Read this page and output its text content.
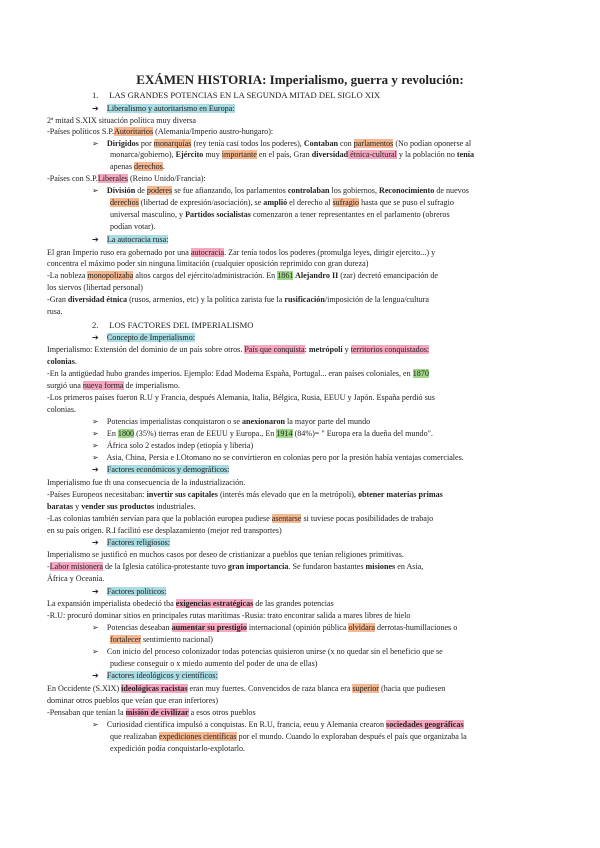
EXÁMEN HISTORIA: Imperialismo, guerra y revolución:
1. LAS GRANDES POTENCIAS EN LA SEGUNDA MITAD DEL SIGLO XIX
➔ Liberalismo y autoritarismo en Europa:
2ª mitad S.XIX situación política muy diversa
-Países políticos S.P.Autoritarios (Alemania/Imperio austro-hungaro):
➢ Dirigidos por monarquías (rey tenía casi todos los poderes), Contaban con parlamentos (No podían oponerse al
monarca/gobierno), Ejército muy importante en el país, Gran diversidad étnica-cultural y la población no tenía
apenas derechos.
-Países con S.P.Liberales (Reino Unido/Francia):
➢ División de poderes se fue afianzando, los parlamentos controlaban los gobiernos, Reconocimiento de nuevos
derechos (libertad de expresión/asociación), se amplió el derecho al sufragio hasta que se puso el sufragio
universal masculino, y Partidos socialistas comenzaron a tener representantes en el parlamento (obreros
podían votar).
➔ La autocracia rusa:
El gran Imperio ruso era gobernado por una autocracia. Zar tenía todos los poderes (promulga leyes, dirigir ejercito...) y
concentra el máximo poder sin ninguna limitación (cualquier oposición reprimido con gran dureza)
-La nobleza monopolizaba altos cargos del ejército/administración. En 1861 Alejandro II (zar) decretó emancipación de
los siervos (libertad personal)
-Gran diversidad étnica (rusos, armenios, etc) y la política zarista fue la rusificación/imposición de la lengua/cultura
rusa.
2. LOS FACTORES DEL IMPERIALISMO
➔ Concepto de Imperialismo:
Imperialismo: Extensión del dominio de un país sobre otros. País que conquista: metrópoli y territorios conquistados:
colonias.
-En la antigüedad hubo grandes imperios. Ejemplo: Edad Moderna España, Portugal... eran países coloniales, en 1870
surgió una nueva forma de imperialismo.
-Los primeros países fueron R.U y Francia, después Alemania, Italia, Bélgica, Rusia, EEUU y Japón. España perdió sus
colonias.
➢ Potencias imperialistas conquistaron o se anexionaron la mayor parte del mundo
➢ En 1800 (35%) tierras eran de EEUU y Europa., En 1914 (84%)= " Europa era la dueña del mundo".
➢ África solo 2 estados indep (etiopía y liberia)
➢ Asia, China, Persia e I.Otomano no se convirtieron en colonias pero por la presión había ventajas comerciales.
➔ Factores económicos y demográficos:
Imperialismo fue th una consecuencia de la industrialización.
-Países Europeos necesitaban: invertir sus capitales (interés más elevado que en la metrópoli), obtener materias primas
baratas y vender sus productos industriales.
-Las colonias también servían para que la población europea pudiese asentarse si tuviese pocas posibilidades de trabajo
en su país origen. R.I facilitó ese desplazamiento (mejor red transportes)
➔ Factores religiosos:
Imperialismo se justificó en muchos casos por deseo de cristianizar a pueblos que tenían religiones primitivas.
-Labor misionera de la Iglesia católica-protestante tuvo gran importancia. Se fundaron bastantes misiones en Asia,
África y Oceanía.
➔ Factores políticos:
La expansión imperialista obedeció tba exigencias estratégicas de las grandes potencias
-R.U: procuró dominar sitios en principales rutas marítimas -Rusia: trato encontrar salida a mares libres de hielo
➢ Potencias deseaban aumentar su prestigio internacional (opinión pública olvidara derrotas-humillaciones o
fortalecer sentimiento nacional)
➢ Con inicio del proceso colonizador todas potencias quisieron unirse (x no quedar sin el beneficio que se
pudiese conseguir o x miedo aumento del poder de una de ellas)
➔ Factores ideológicos y científicos:
En Occidente (S.XIX) ideológicas racistas eran muy fuertes. Convencidos de raza blanca era superior (hacia que pudiesen
dominar otros pueblos que veían que eran inferiores)
-Pensaban que tenían la misión de civilizar a esos otros pueblos
➢ Curiosidad científica impulsó a conquistas. En R.U, francia, eeuu y Alemania crearon sociedades geográficas
que realizaban expediciones científicas por el mundo. Cuando lo exploraban después el país que organizaba la
expedición podía conquistarlo-explotarlo.
